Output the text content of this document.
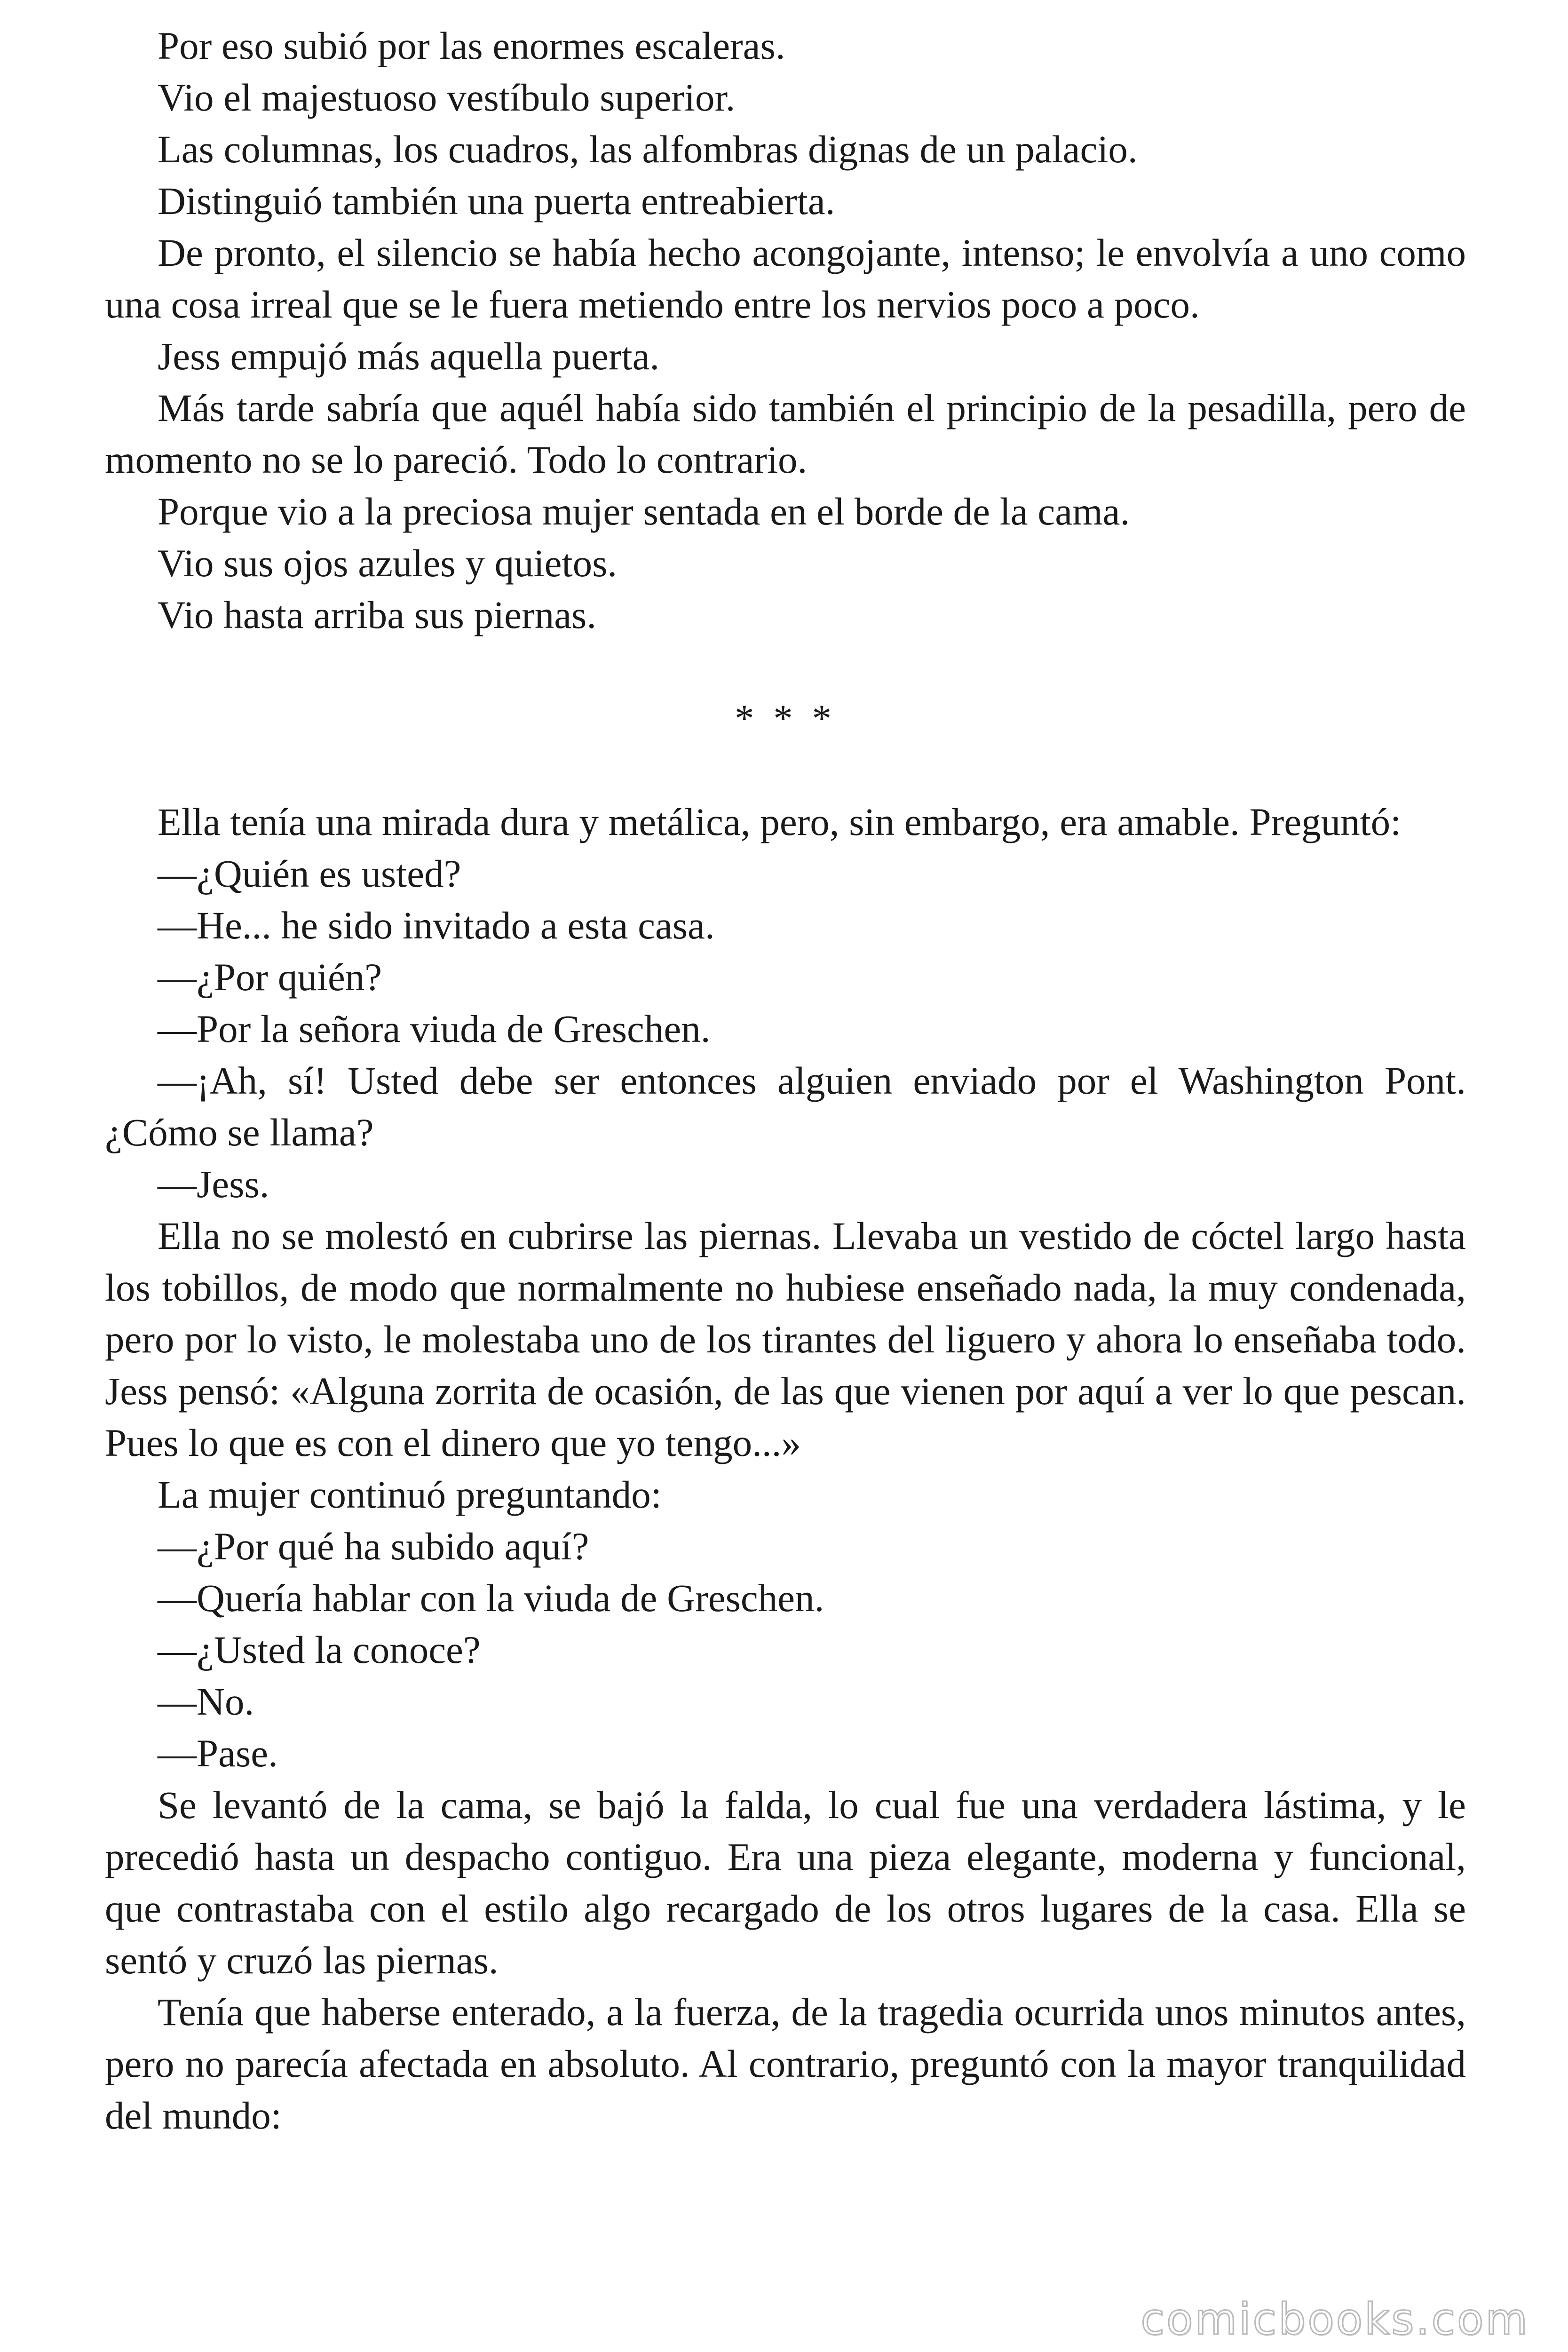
Por eso subió por las enormes escaleras.

Vio el majestuoso vestíbulo superior.

Las columnas, los cuadros, las alfombras dignas de un palacio.

Distinguió también una puerta entreabierta.

De pronto, el silencio se había hecho acongojante, intenso; le envolvía a uno como una cosa irreal que se le fuera metiendo entre los nervios poco a poco.

Jess empujó más aquella puerta.

Más tarde sabría que aquél había sido también el principio de la pesadilla, pero de momento no se lo pareció. Todo lo contrario.

Porque vio a la preciosa mujer sentada en el borde de la cama.

Vio sus ojos azules y quietos.

Vio hasta arriba sus piernas.

* * *

Ella tenía una mirada dura y metálica, pero, sin embargo, era amable. Preguntó:

—¿Quién es usted?

—He... he sido invitado a esta casa.

—¿Por quién?

—Por la señora viuda de Greschen.

—¡Ah, sí! Usted debe ser entonces alguien enviado por el Washington Pont. ¿Cómo se llama?

—Jess.

Ella no se molestó en cubrirse las piernas. Llevaba un vestido de cóctel largo hasta los tobillos, de modo que normalmente no hubiese enseñado nada, la muy condenada, pero por lo visto, le molestaba uno de los tirantes del liguero y ahora lo enseñaba todo. Jess pensó: «Alguna zorrita de ocasión, de las que vienen por aquí a ver lo que pescan. Pues lo que es con el dinero que yo tengo...»

La mujer continuó preguntando:

—¿Por qué ha subido aquí?

—Quería hablar con la viuda de Greschen.

—¿Usted la conoce?

—No.

—Pase.

Se levantó de la cama, se bajó la falda, lo cual fue una verdadera lástima, y le precedió hasta un despacho contiguo. Era una pieza elegante, moderna y funcional, que contrastaba con el estilo algo recargado de los otros lugares de la casa. Ella se sentó y cruzó las piernas.

Tenía que haberse enterado, a la fuerza, de la tragedia ocurrida unos minutos antes, pero no parecía afectada en absoluto. Al contrario, preguntó con la mayor tranquilidad del mundo:

comicbooks.com
